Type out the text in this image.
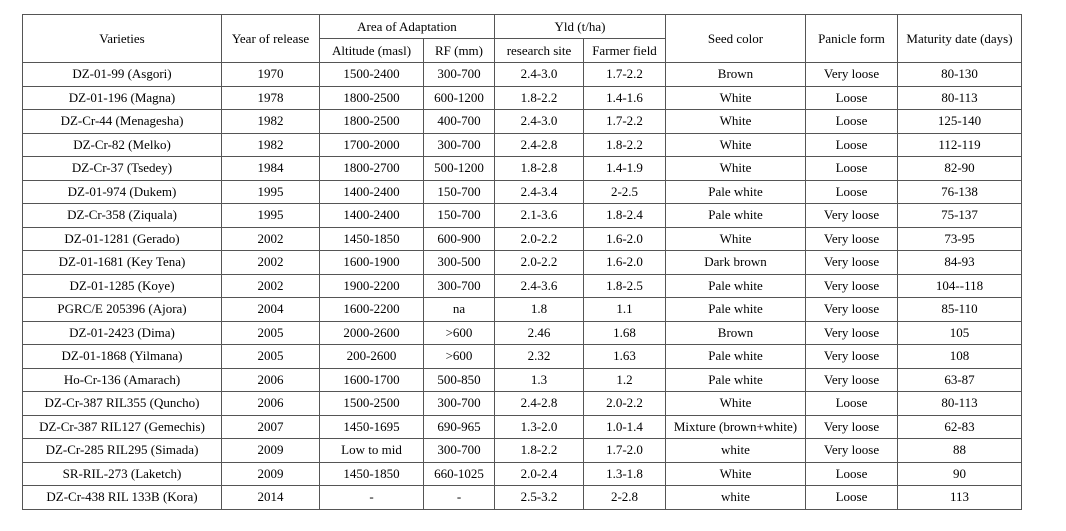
Varieties	Year of release	Area of Adaptation		Yld (t/ha)		Seed color	Panicle form	Maturity date (days)
		Altitude (masl)	RF (mm)	research site	Farmer field			
DZ-01-99 (Asgori)	1970	1500-2400	300-700	2.4-3.0	1.7-2.2	Brown	Very loose	80-130
DZ-01-196 (Magna)	1978	1800-2500	600-1200	1.8-2.2	1.4-1.6	White	Loose	80-113
DZ-Cr-44 (Menagesha)	1982	1800-2500	400-700	2.4-3.0	1.7-2.2	White	Loose	125-140
DZ-Cr-82 (Melko)	1982	1700-2000	300-700	2.4-2.8	1.8-2.2	White	Loose	112-119
DZ-Cr-37 (Tsedey)	1984	1800-2700	500-1200	1.8-2.8	1.4-1.9	White	Loose	82-90
DZ-01-974 (Dukem)	1995	1400-2400	150-700	2.4-3.4	2-2.5	Pale white	Loose	76-138
DZ-Cr-358 (Ziquala)	1995	1400-2400	150-700	2.1-3.6	1.8-2.4	Pale white	Very loose	75-137
DZ-01-1281 (Gerado)	2002	1450-1850	600-900	2.0-2.2	1.6-2.0	White	Very loose	73-95
DZ-01-1681 (Key Tena)	2002	1600-1900	300-500	2.0-2.2	1.6-2.0	Dark brown	Very loose	84-93
DZ-01-1285 (Koye)	2002	1900-2200	300-700	2.4-3.6	1.8-2.5	Pale white	Very loose	104--118
PGRC/E 205396 (Ajora)	2004	1600-2200	na	1.8	1.1	Pale white	Very loose	85-110
DZ-01-2423 (Dima)	2005	2000-2600	>600	2.46	1.68	Brown	Very loose	105
DZ-01-1868 (Yilmana)	2005	200-2600	>600	2.32	1.63	Pale white	Very loose	108
Ho-Cr-136 (Amarach)	2006	1600-1700	500-850	1.3	1.2	Pale white	Very loose	63-87
DZ-Cr-387 RIL355 (Quncho)	2006	1500-2500	300-700	2.4-2.8	2.0-2.2	White	Loose	80-113
DZ-Cr-387 RIL127 (Gemechis)	2007	1450-1695	690-965	1.3-2.0	1.0-1.4	Mixture (brown+white)	Very loose	62-83
DZ-Cr-285 RIL295 (Simada)	2009	Low to mid	300-700	1.8-2.2	1.7-2.0	white	Very loose	88
SR-RIL-273 (Laketch)	2009	1450-1850	660-1025	2.0-2.4	1.3-1.8	White	Loose	90
DZ-Cr-438 RIL 133B (Kora)	2014	-	-	2.5-3.2	2-2.8	white	Loose	113
